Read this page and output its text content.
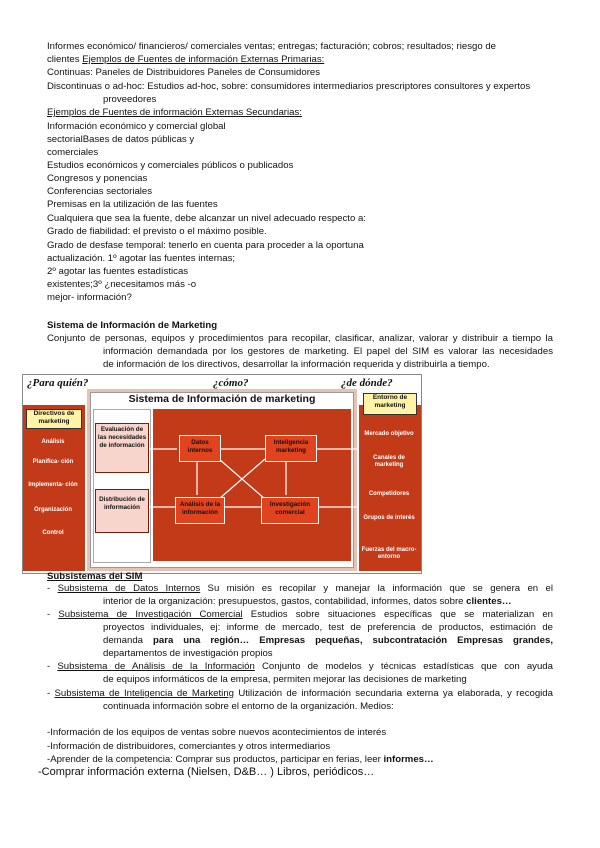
Informes económico/ financieros/ comerciales ventas; entregas; facturación; cobros; resultados; riesgo de
clientes Ejemplos de Fuentes de información Externas Primarias:
Continuas: Paneles de Distribuidores Paneles de Consumidores
Discontinuas o ad-hoc: Estudios ad-hoc, sobre: consumidores intermediarios prescriptores consultores y expertos
proveedores
Ejemplos de Fuentes de información Externas Secundarias:
Información económico y comercial global
sectorialBases de datos públicas y
comerciales
Estudios económicos y comerciales públicos o publicados
Congresos y ponencias
Conferencias sectoriales
Premisas en la utilización de las fuentes
Cualquiera que sea la fuente, debe alcanzar un nivel adecuado respecto a:
Grado de fiabilidad: el previsto o el máximo posible.
Grado de desfase temporal: tenerlo en cuenta para proceder a la oportuna
actualización. 1º agotar las fuentes internas;
2º agotar las fuentes estadísticas
existentes;3º ¿necesitamos más -o
mejor- información?
Sistema de Información de Marketing
Conjunto de personas, equipos y procedimientos para recopilar, clasificar, analizar, valorar y distribuir a tiempo la
información demandada por los gestores de marketing. El papel del SIM es valorar las necesidades
de información de los directivos, desarrollar la información requerida y distribuirla a tiempo.
¿Para quién?	¿cómo?	¿de dónde?
Directivos de marketing
Análisis
Planifica- ción
Implementa- ción
Organización
Control
Sistema de Información de marketing
Evaluación de las necesidades de información
Distribución de información
Datos internos
Inteligencia marketing
Análisis de la información
Investigación comercial
Entorno de marketing
Mercado objetivo
Canales de marketing
Competidores
Grupos de interés
Fuerzas del macro-entorno
Subsistemas del SIM
- Subsistema de Datos Internos Su misión es recopilar y manejar la información que se genera en el
interior de la organización: presupuestos, gastos, contabilidad, informes, datos sobre clientes…
- Subsistema de Investigación Comercial Estudios sobre situaciones específicas que se materializan en
proyectos individuales, ej: informe de mercado, test de preferencia de productos, estimación de
demanda para una región… Empresas pequeñas, subcontratación Empresas grandes,
departamentos de investigación propios
- Subsistema de Análisis de la Información Conjunto de modelos y técnicas estadísticas que con ayuda
de equipos informáticos de la empresa, permiten mejorar las decisiones de marketing
- Subsistema de Inteligencia de Marketing Utilización de información secundaria externa ya elaborada, y recogida
continuada información sobre el entorno de la organización. Medios:
-Información de los equipos de ventas sobre nuevos acontecimientos de interés
-Información de distribuidores, comerciantes y otros intermediarios
-Aprender de la competencia: Comprar sus productos, participar en ferias, leer informes…
-Comprar información externa (Nielsen, D&B… ) Libros, periódicos…
